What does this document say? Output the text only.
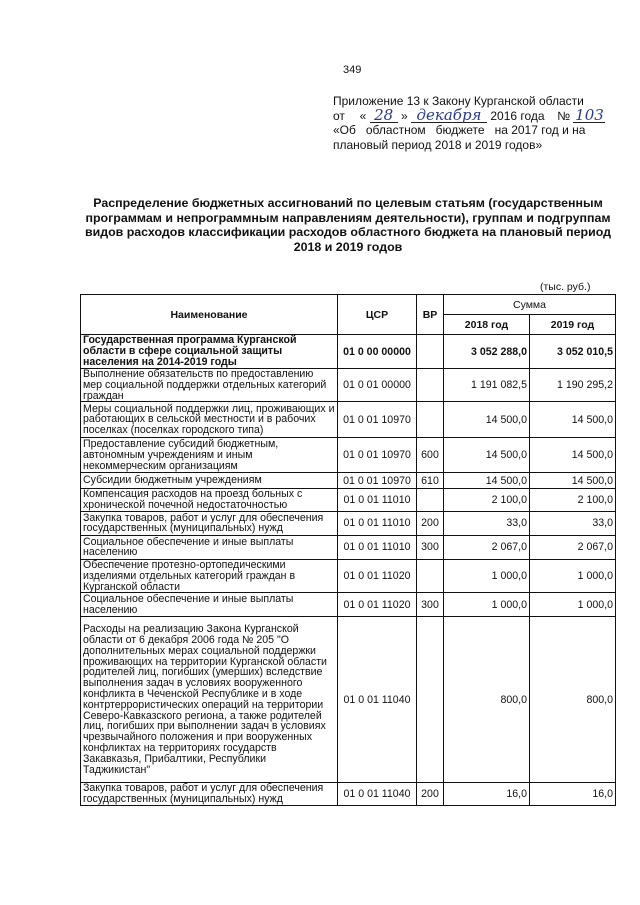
349
Приложение 13 к Закону Курганской области
от « 28 » декабря 2016 года № 103
«Об   областном   бюджете   на 2017 год и на
плановый период 2018 и 2019 годов»
Распределение бюджетных ассигнований по целевым статьям (государственным программам и непрограммным направлениям деятельности), группам и подгруппам видов расходов классификации расходов областного бюджета на плановый период 2018 и 2019 годов
(тыс. руб.)
Наименование	ЦСР	ВР	Сумма	
			2018 год	2019 год
Государственная программа Курганской области в сфере социальной защиты населения на 2014-2019 годы	01 0 00 00000		3 052 288,0	3 052 010,5
Выполнение обязательств по предоставлению мер социальной поддержки отдельных категорий граждан	01 0 01 00000		1 191 082,5	1 190 295,2
Меры социальной поддержки лиц, проживающих и работающих в сельской местности и в рабочих поселках (поселках городского типа)	01 0 01 10970		14 500,0	14 500,0
Предоставление субсидий бюджетным, автономным учреждениям и иным некоммерческим организациям	01 0 01 10970	600	14 500,0	14 500,0
Субсидии бюджетным учреждениям	01 0 01 10970	610	14 500,0	14 500,0
Компенсация расходов на проезд больных с хронической почечной недостаточностью	01 0 01 11010		2 100,0	2 100,0
Закупка товаров, работ и услуг для обеспечения государственных (муниципальных) нужд	01 0 01 11010	200	33,0	33,0
Социальное обеспечение и иные выплаты населению	01 0 01 11010	300	2 067,0	2 067,0
Обеспечение протезно-ортопедическими изделиями отдельных категорий граждан в Курганской области	01 0 01 11020		1 000,0	1 000,0
Социальное обеспечение и иные выплаты населению	01 0 01 11020	300	1 000,0	1 000,0
Расходы на реализацию Закона Курганской области от 6 декабря 2006 года № 205 "О дополнительных мерах социальной поддержки проживающих на территории Курганской области родителей лиц, погибших (умерших) вследствие выполнения задач в условиях вооруженного конфликта в Чеченской Республике и в ходе контртеррористических операций на территории Северо-Кавказского региона, а также родителей лиц, погибших при выполнении задач в условиях чрезвычайного положения и при вооруженных конфликтах на территориях государств Закавказья, Прибалтики, Республики Таджикистан"	01 0 01 11040		800,0	800,0
Закупка товаров, работ и услуг для обеспечения государственных (муниципальных) нужд	01 0 01 11040	200	16,0	16,0
